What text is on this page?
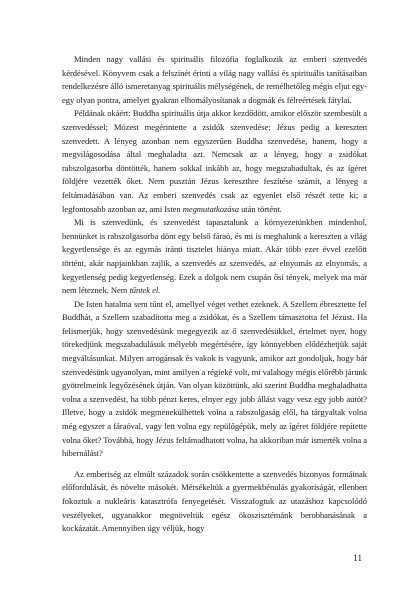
Minden nagy vallási és spirituális filozófia foglalkozik az emberi szenvedés kérdésével. Könyvem csak a felszínét érinti a világ nagy vallási és spirituális tanításaiban rendelkezésre álló ismeretanyag spirituális mélységének, de remélhetőleg mégis eljut egy-egy olyan pontra, amelyet gyakran elhomályosítanak a dogmák és félreértések fátylai.

Példának okáért: Buddha spirituális útja akkor kezdődött, amikor először szembesült a szenvedéssel; Mózest megérintette a zsidók szenvedése; Jézus pedig a kereszten szenvedett. A lényeg azonban nem egyszerűen Buddha szenvedése, hanem, hogy a megvilágosodása által meghaladta azt. Nemcsak az a lényeg, hogy a zsidókat rabszolgasorba döntötték, hanem sokkal inkább az, hogy megszabadultak, és az ígéret földjére vezették őket. Nem pusztán Jézus kereszthre feszítése számít, a lényeg a feltámadásában van. Az emberi szenvedés csak az egyenlet első részét tette ki; a legfontosabb azonban az, ami Isten megmutatkozása után történt.

Mi is szenvedünk, és szenvedést tapasztalunk a környezetünkben mindenhol, bennünket is rabszolgasorba dönt egy belső fáraó, és mi is meghalunk a kereszten a világ kegyetlensége és az egymás iránti tisztelet hiánya miatt. Akár több ezer évvel ezelőtt történt, akár napjainkban zajlik, a szenvedés az szenvedés, az elnyomás az elnyomás, a kegyetlenség pedig kegyetlenség. Ezek a dolgok nem csupán ősi tények, melyek ma már nem léteznek. Nem tűntek el.

De Isten hatalma sem tűnt el, amellyel véget vethet ezeknek. A Szellem ébresztette fel Buddhát, a Szellem szabadította meg a zsidókat, és a Szellem támasztotta fel Jézust. Ha felismerjük, hogy szenvedésünk megegyezik az ő szenvedésükkel, értelmet nyer, hogy törekedjünk megszabadulásuk mélyebb megértésére, így könnyebben elődézhetjük saját megváltásunkat. Milyen arrogánsak és vakok is vagyunk, amikor azt gondoljuk, hogy bár szenvedésünk ugyanolyan, mint amilyen a régieké volt, mi valahogy mégis előrébb járunk gyötrelmeink legyőzésének útján. Van olyan közöttünk, aki szerint Buddha meghaladhatta volna a szenvedést, ha több pénzt keres, elnyer egy jobb állást vagy vesz egy jobb autót? Illetve, hogy a zsidók megmenekülhettek volna a rabszolgaság elől, ha tárgyaltak volna még egyszer a fáraóval, vagy lett volna egy repülőgépük, mely az ígéret földjére repítette volna őket? Továbbá, hogy Jézus feltámadhatott volna, ha akkoriban már ismerték volna a hibernálást?

Az emberiség az elmúlt századok során csökkentette a szenvedés bizonyos formáinak előfordulását, és növelte másokét. Mérsékeltük a gyermekbénulás gyakoriságát, ellenben fokoztuk a nukleáris katasztrófa fenyegetését. Visszafogtuk az utazáshoz kapcsolódó veszélyeket, ugyanakkor megnöveltük egész ökoszisztémánk berobbanásának a kockázatát. Amennyiben úgy véljük, hogy

11
